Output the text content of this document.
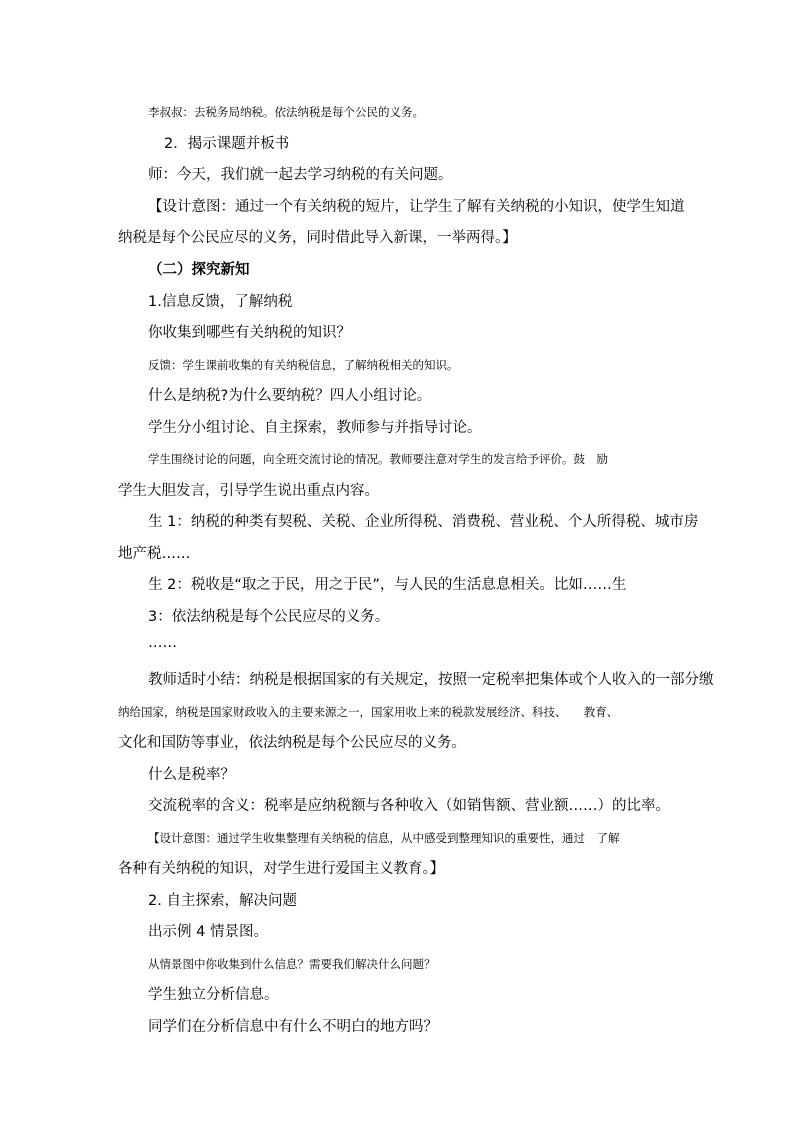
李叔叔：去税务局纳税。依法纳税是每个公民的义务。
2．揭示课题并板书
师：今天，我们就一起去学习纳税的有关问题。
【设计意图：通过一个有关纳税的短片，让学生了解有关纳税的小知识，使学生知道
纳税是每个公民应尽的义务，同时借此导入新课，一举两得。】
（二）探究新知
1.信息反馈，了解纳税
你收集到哪些有关纳税的知识？
反馈：学生课前收集的有关纳税信息，了解纳税相关的知识。
什么是纳税?为什么要纳税？四人小组讨论。
学生分小组讨论、自主探索，教师参与并指导讨论。
学生围绕讨论的问题，向全班交流讨论的情况。教师要注意对学生的发言给予评价。鼓　励
学生大胆发言，引导学生说出重点内容。
生 1：纳税的种类有契税、关税、企业所得税、消费税、营业税、个人所得税、城市房
地产税……
生 2：税收是“取之于民，用之于民”，与人民的生活息息相关。比如……生
3：依法纳税是每个公民应尽的义务。
……
教师适时小结：纳税是根据国家的有关规定，按照一定税率把集体或个人收入的一部分缴
纳给国家，纳税是国家财政收入的主要来源之一，国家用收上来的税款发展经济、科技、　　教育、
文化和国防等事业，依法纳税是每个公民应尽的义务。
什么是税率？
交流税率的含义：税率是应纳税额与各种收入（如销售额、营业额……）的比率。
【设计意图：通过学生收集整理有关纳税的信息，从中感受到整理知识的重要性，通过　了解
各种有关纳税的知识，对学生进行爱国主义教育。】
2. 自主探索，解决问题
出示例 4 情景图。
从情景图中你收集到什么信息？需要我们解决什么问题？
学生独立分析信息。
同学们在分析信息中有什么不明白的地方吗？
